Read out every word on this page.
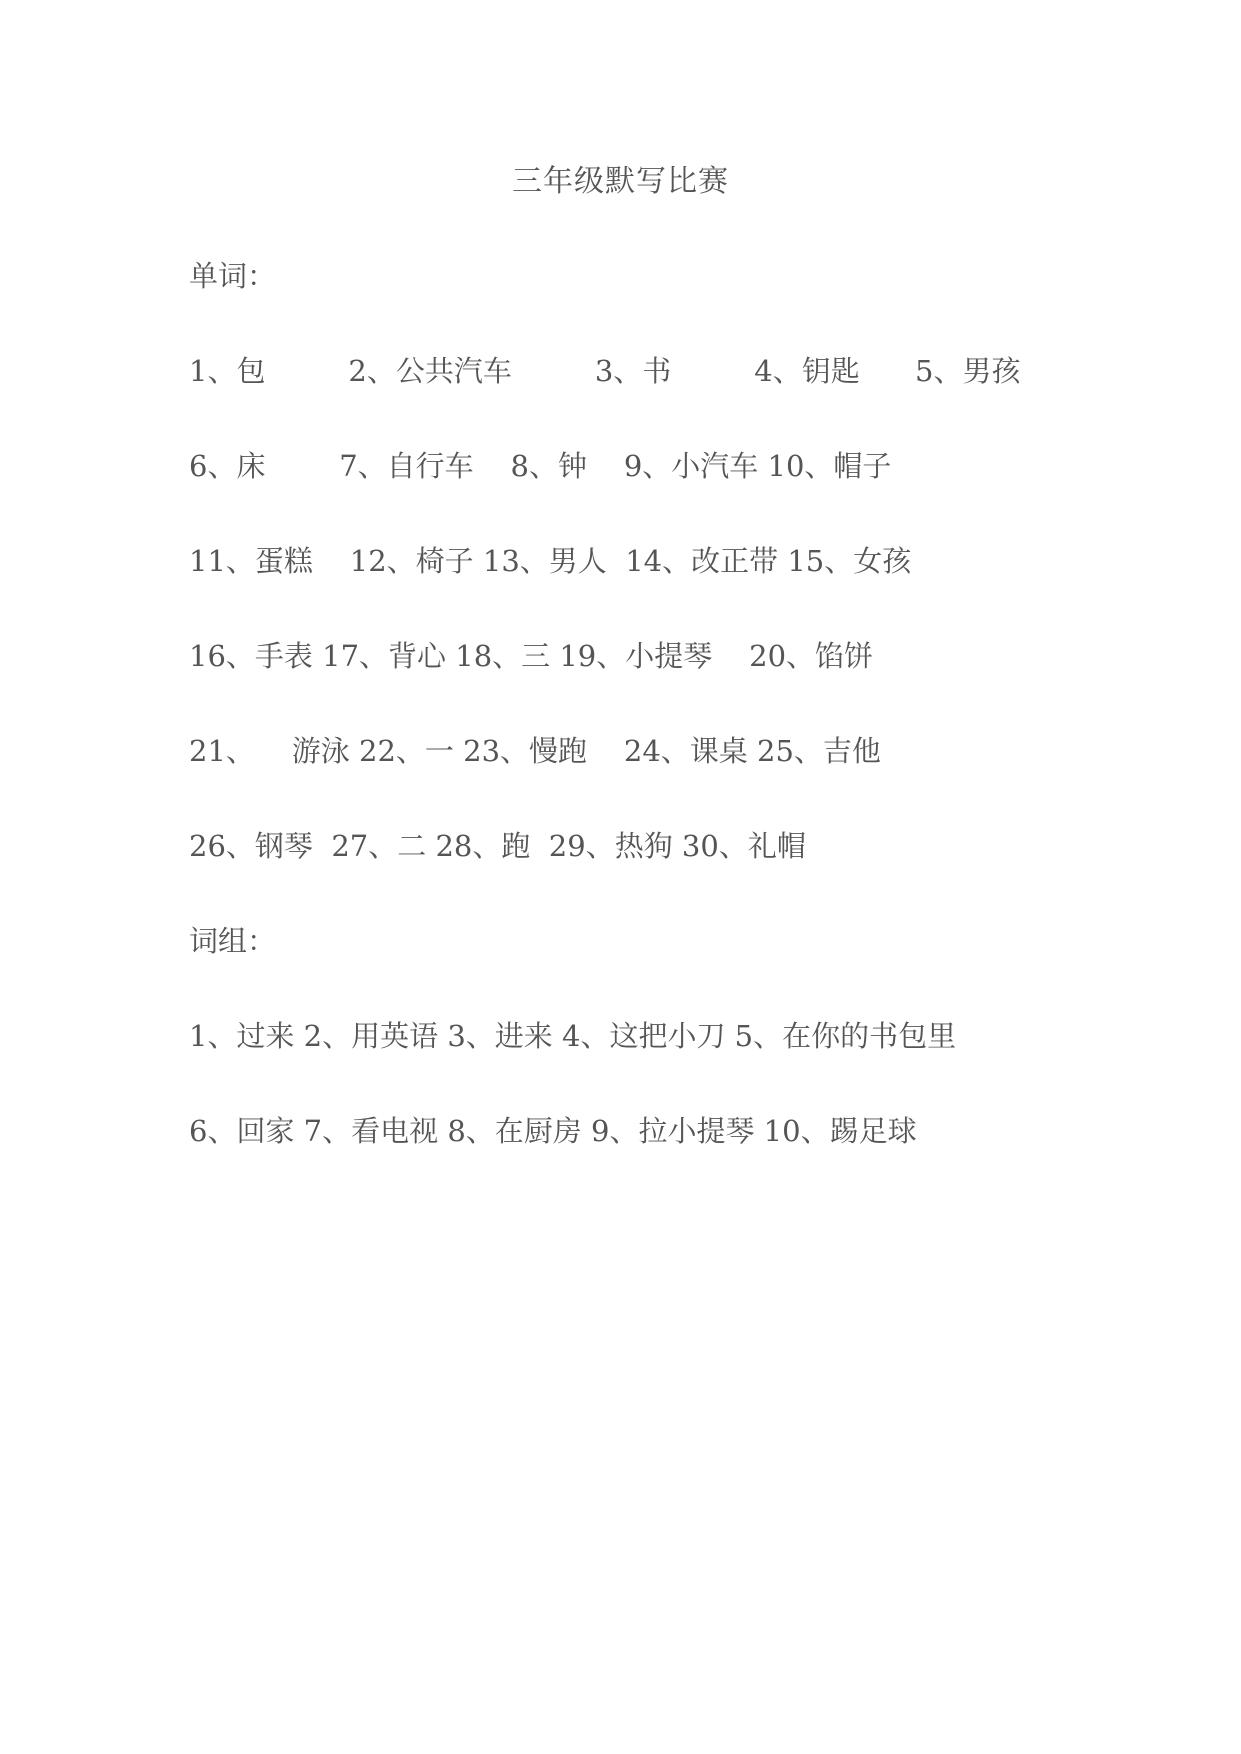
三年级默写比赛
单词：
1、包         2、公共汽车         3、书         4、钥匙      5、男孩
6、床        7、自行车    8、钟    9、小汽车 10、帽子
11、蛋糕    12、椅子 13、男人  14、改正带 15、女孩
16、手表 17、背心 18、三 19、小提琴    20、馅饼
21、    游泳 22、一 23、慢跑    24、课桌 25、吉他
26、钢琴  27、二 28、跑  29、热狗 30、礼帽
词组：
1、过来 2、用英语 3、进来 4、这把小刀 5、在你的书包里
6、回家 7、看电视 8、在厨房 9、拉小提琴 10、踢足球
